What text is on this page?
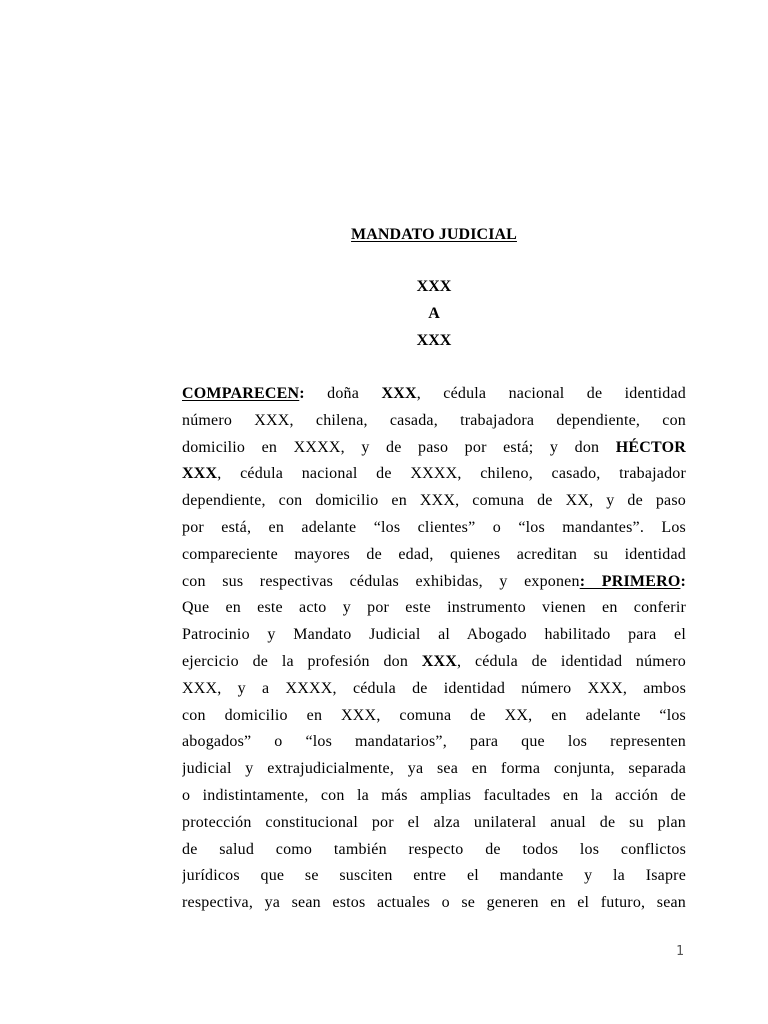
MANDATO JUDICIAL
XXX
A
XXX
COMPARECEN: doña XXX, cédula nacional de identidad
número XXX, chilena, casada, trabajadora dependiente, con
domicilio en XXXX, y de paso por está; y don HÉCTOR
XXX, cédula nacional de XXXX, chileno, casado, trabajador
dependiente, con domicilio en XXX, comuna de XX, y de paso
por está, en adelante “los clientes” o “los mandantes”. Los
compareciente mayores de edad, quienes acreditan su identidad
con sus respectivas cédulas exhibidas, y exponen: PRIMERO:
Que en este acto y por este instrumento vienen en conferir
Patrocinio y Mandato Judicial al Abogado habilitado para el
ejercicio de la profesión don XXX, cédula de identidad número
XXX, y a XXXX, cédula de identidad número XXX, ambos
con domicilio en XXX, comuna de XX, en adelante “los
abogados” o “los mandatarios”, para que los representen
judicial y extrajudicialmente, ya sea en forma conjunta, separada
o indistintamente, con la más amplias facultades en la acción de
protección constitucional por el alza unilateral anual de su plan
de salud como también respecto de todos los conflictos
jurídicos que se susciten entre el mandante y la Isapre
respectiva, ya sean estos actuales o se generen en el futuro, sean
1
